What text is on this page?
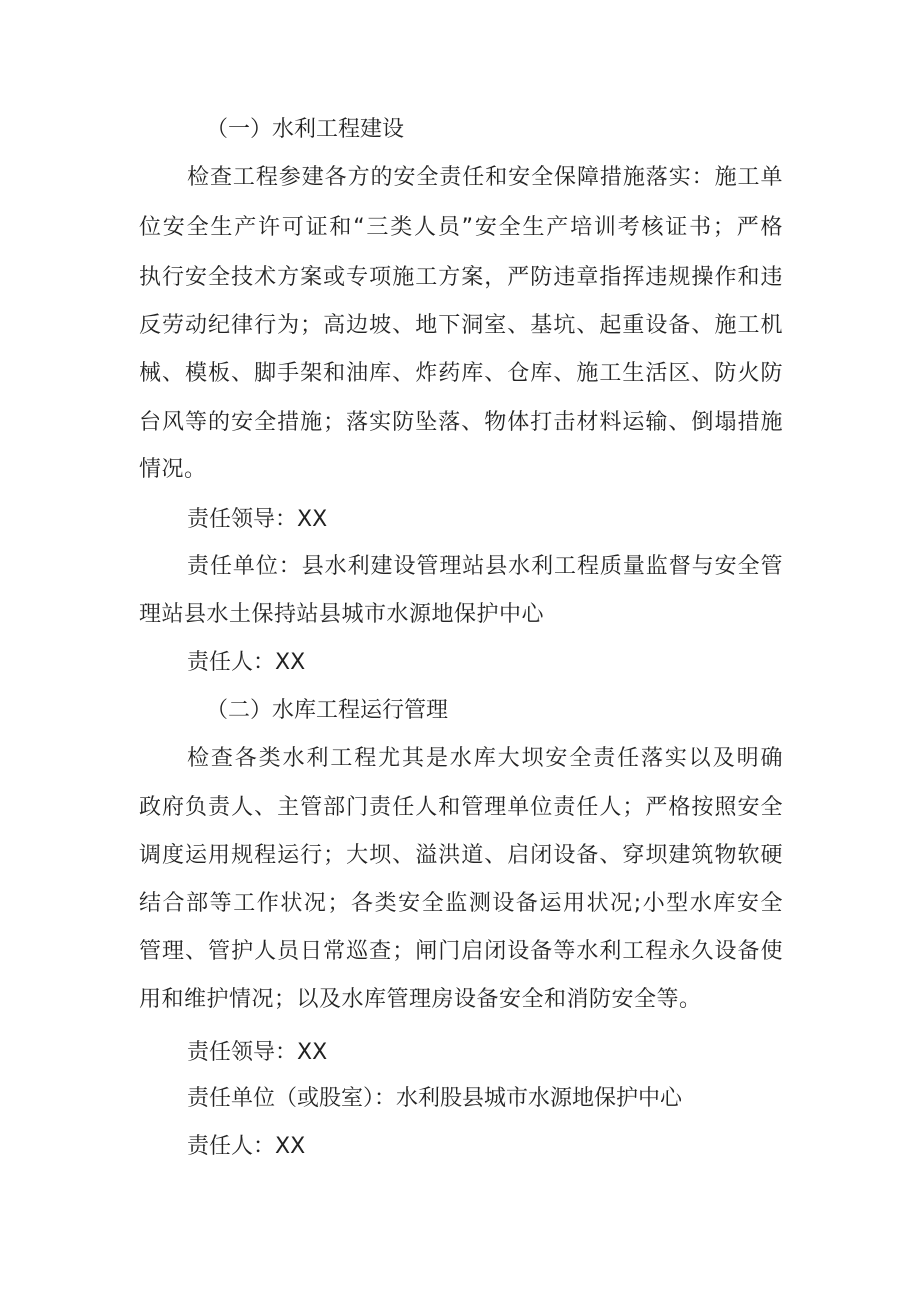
（一）水利工程建设
检查工程参建各方的安全责任和安全保障措施落实：施工单
位安全生产许可证和“三类人员”安全生产培训考核证书；严格
执行安全技术方案或专项施工方案，严防违章指挥违规操作和违
反劳动纪律行为；高边坡、地下洞室、基坑、起重设备、施工机
械、模板、脚手架和油库、炸药库、仓库、施工生活区、防火防
台风等的安全措施；落实防坠落、物体打击材料运输、倒塌措施
情况。
责任领导：XX
责任单位：县水利建设管理站县水利工程质量监督与安全管
理站县水土保持站县城市水源地保护中心
责任人：XX
（二）水库工程运行管理
检查各类水利工程尤其是水库大坝安全责任落实以及明确
政府负责人、主管部门责任人和管理单位责任人；严格按照安全
调度运用规程运行；大坝、溢洪道、启闭设备、穿坝建筑物软硬
结合部等工作状况；各类安全监测设备运用状况;小型水库安全
管理、管护人员日常巡查；闸门启闭设备等水利工程永久设备使
用和维护情况；以及水库管理房设备安全和消防安全等。
责任领导：XX
责任单位（或股室）：水利股县城市水源地保护中心
责任人：XX
